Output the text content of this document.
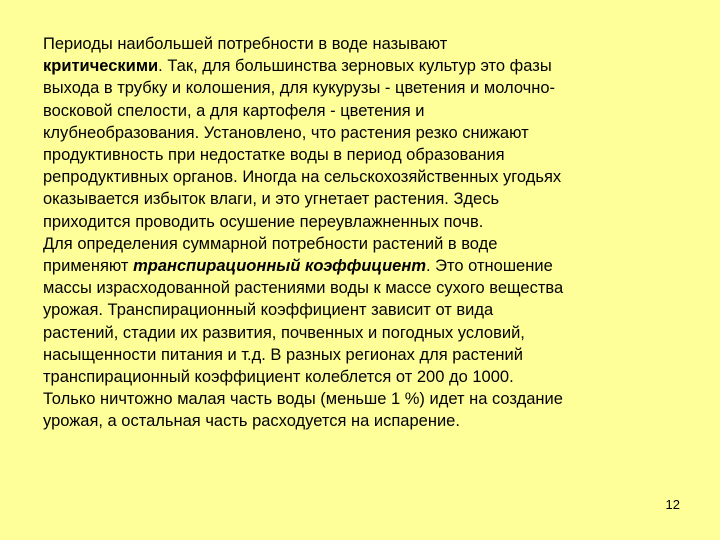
Периоды наибольшей потребности в воде называют
критическими. Так, для большинства зерновых культур это фазы
выхода в трубку и колошения, для кукурузы - цветения и молочно-
восковой спелости, а для картофеля - цветения и
клубнеобразования. Установлено, что растения резко снижают
продуктивность при недостатке воды в период образования
репродуктивных органов. Иногда на сельскохозяйственных угодьях
оказывается избыток влаги, и это угнетает растения. Здесь
приходится проводить осушение переувлажненных почв.
Для определения суммарной потребности растений в воде
применяют транспирационный коэффициент. Это отношение
массы израсходованной растениями воды к массе сухого вещества
урожая. Транспирационный коэффициент зависит от вида
растений, стадии их развития, почвенных и погодных условий,
насыщенности питания и т.д. В разных регионах для растений
транспирационный коэффициент колеблется от 200 до 1000.
Только ничтожно малая часть воды (меньше 1 %) идет на создание
урожая, а остальная часть расходуется на испарение.
12
